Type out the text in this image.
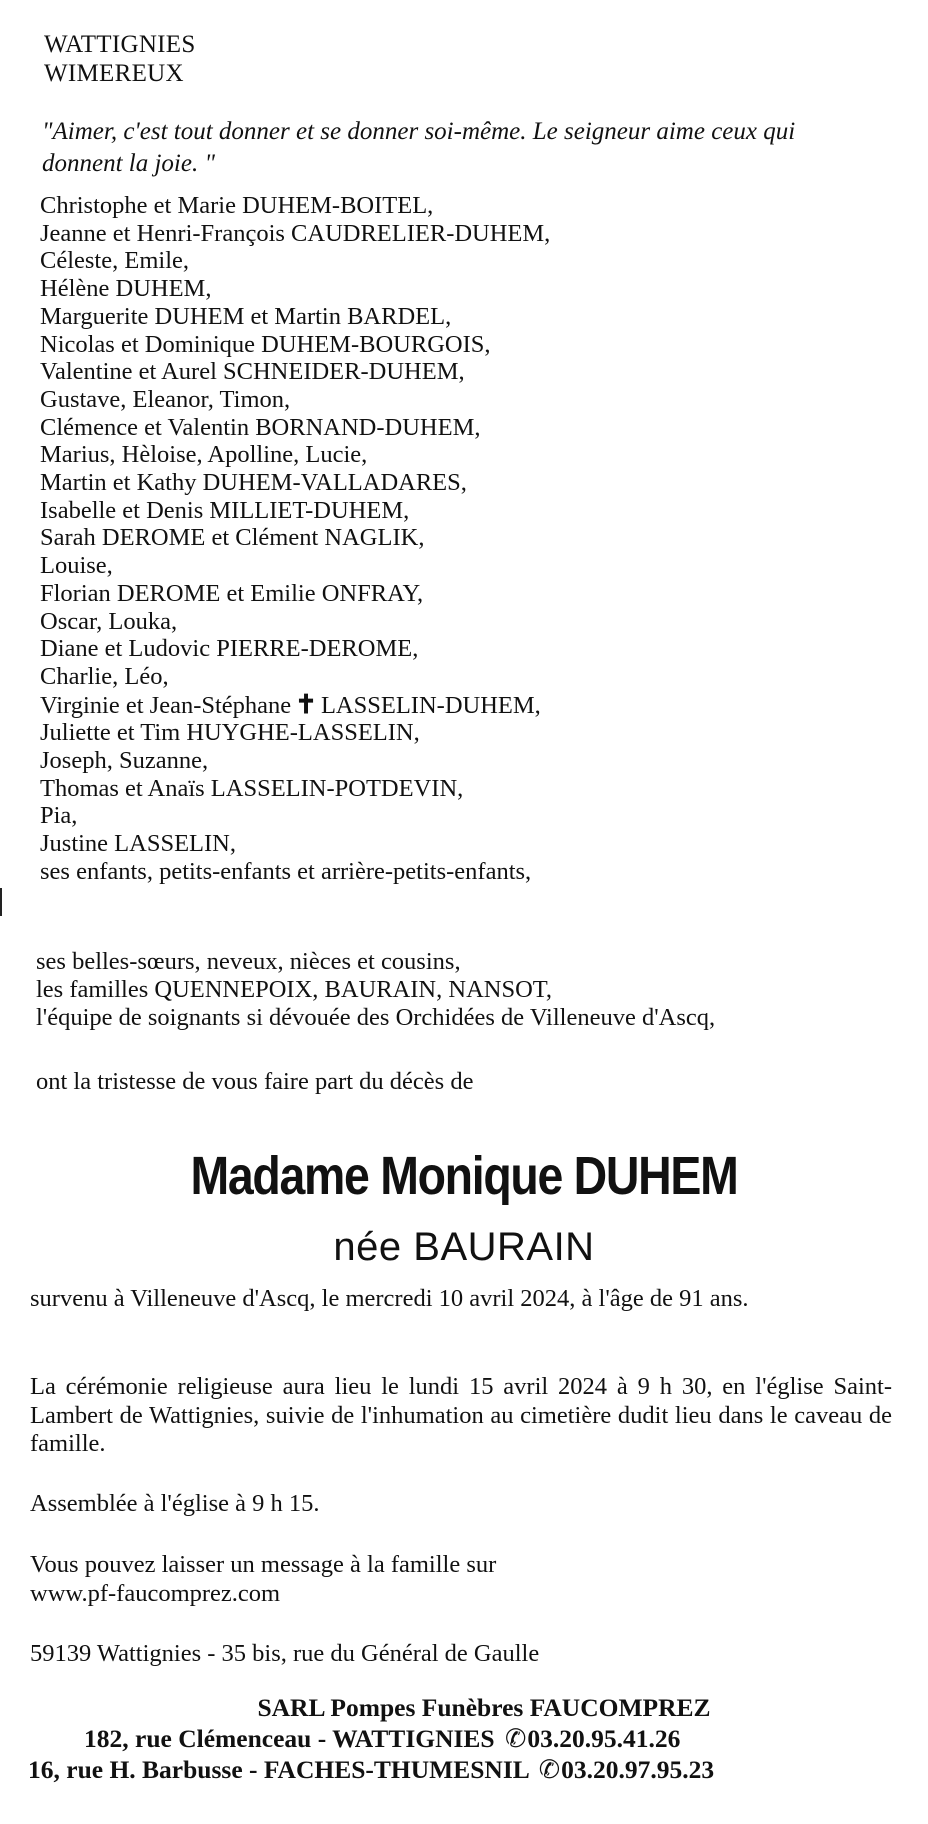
WATTIGNIES
WIMEREUX
"Aimer, c'est tout donner et se donner soi-même. Le seigneur aime ceux qui donnent la joie. "
Christophe et Marie DUHEM-BOITEL,
Jeanne et Henri-François CAUDRELIER-DUHEM,
Céleste, Emile,
Hélène DUHEM,
Marguerite DUHEM et Martin BARDEL,
Nicolas et Dominique DUHEM-BOURGOIS,
Valentine et Aurel SCHNEIDER-DUHEM,
Gustave, Eleanor, Timon,
Clémence et Valentin BORNAND-DUHEM,
Marius, Hèloise, Apolline, Lucie,
Martin et Kathy DUHEM-VALLADARES,
Isabelle et Denis MILLIET-DUHEM,
Sarah DEROME et Clément NAGLIK,
Louise,
Florian DEROME et Emilie ONFRAY,
Oscar, Louka,
Diane et Ludovic PIERRE-DEROME,
Charlie, Léo,
Virginie et Jean-Stéphane ✝ LASSELIN-DUHEM,
Juliette et Tim HUYGHE-LASSELIN,
Joseph, Suzanne,
Thomas et Anaïs LASSELIN-POTDEVIN,
Pia,
Justine LASSELIN,
ses enfants, petits-enfants et arrière-petits-enfants,
ses belles-sœurs, neveux, nièces et cousins,
les familles QUENNEPOIX, BAURAIN, NANSOT,
l'équipe de soignants si dévouée des Orchidées de Villeneuve d'Ascq,
ont la tristesse de vous faire part du décès de
Madame Monique DUHEM
née BAURAIN
survenu à Villeneuve d'Ascq, le mercredi 10 avril 2024, à l'âge de 91 ans.
La cérémonie religieuse aura lieu le lundi 15 avril 2024 à 9 h 30, en l'église Saint-Lambert de Wattignies, suivie de l'inhumation au cimetière dudit lieu dans le caveau de famille.
Assemblée à l'église à 9 h 15.
Vous pouvez laisser un message à la famille sur
www.pf-faucomprez.com
59139 Wattignies - 35 bis, rue du Général de Gaulle
SARL Pompes Funèbres FAUCOMPREZ
182, rue Clémenceau - WATTIGNIES ✆03.20.95.41.26
16, rue H. Barbusse - FACHES-THUMESNIL ✆03.20.97.95.23
